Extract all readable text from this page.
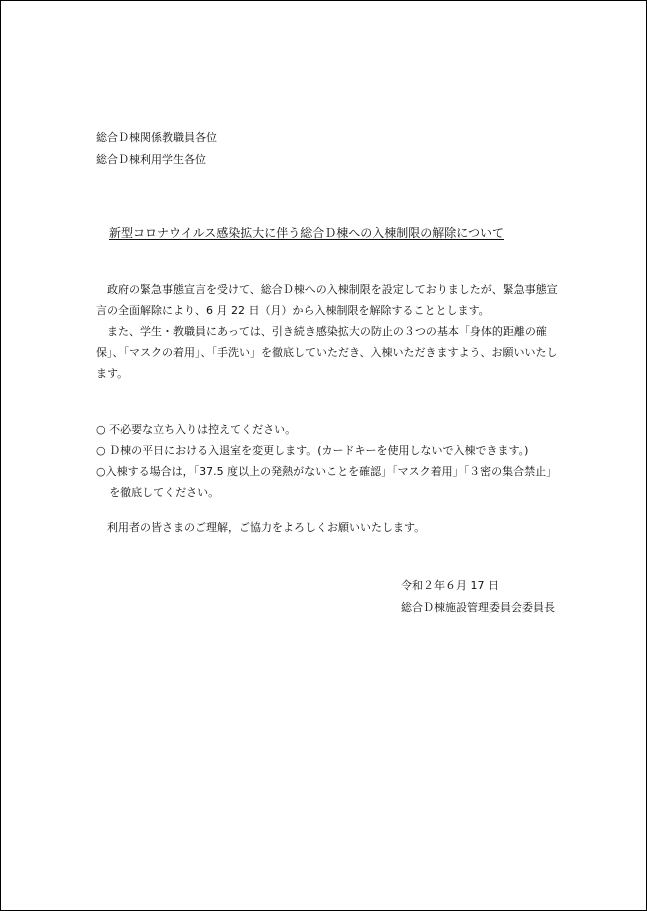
総合Ｄ棟関係教職員各位
総合Ｄ棟利用学生各位
新型コロナウイルス感染拡大に伴う総合Ｄ棟への入棟制限の解除について

政府の緊急事態宣言を受けて、総合Ｄ棟への入棟制限を設定しておりましたが、緊急事態宣言の全面解除により、6 月 22 日（月）から入棟制限を解除することとします。

また、学生・教職員にあっては、引き続き感染拡大の防止の３つの基本「身体的距離の確保」、「マスクの着用」、「手洗い」を徹底していただき、入棟いただきますよう、お願いいたします。

○ 不必要な立ち入りは控えてください。
○ Ｄ棟の平日における入退室を変更します。(カードキーを使用しないで入棟できます。)
○入棟する場合は，「37.5 度以上の発熱がないことを確認」「マスク着用」「３密の集合禁止」を徹底してください。
利用者の皆さまのご理解，ご協力をよろしくお願いいたします。
令和２年６月 17 日
総合Ｄ棟施設管理委員会委員長
